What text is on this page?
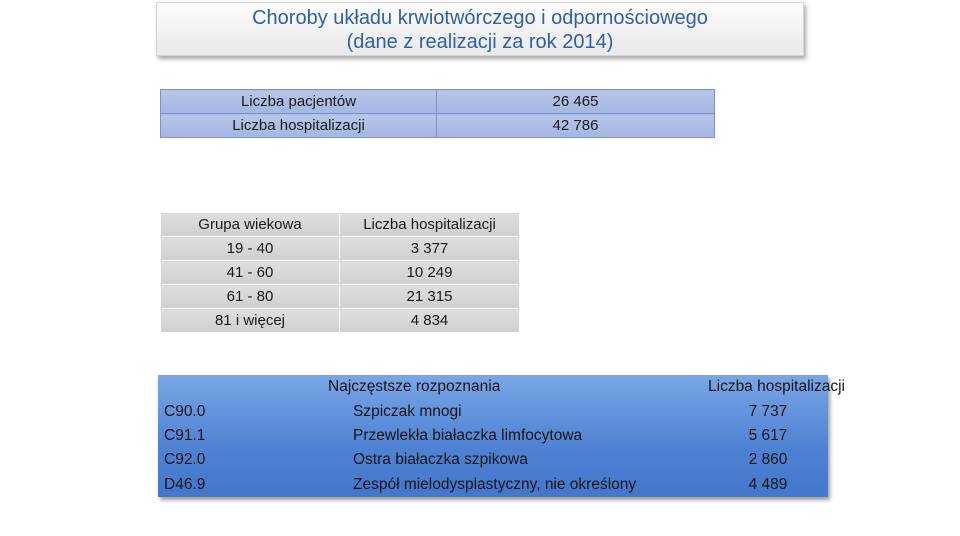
Choroby układu krwiotwórczego i odpornościowego
(dane z realizacji za rok 2014)
Liczba pacjentów	26 465
Liczba hospitalizacji	42 786
Grupa wiekowa	Liczba hospitalizacji
19 - 40	3 377
41 - 60	10 249
61 - 80	21 315
81 i więcej	4 834
Najczęstsze rozpoznania		Liczba hospitalizacji
C90.0	Szpiczak mnogi	7 737
C91.1	Przewlekła białaczka limfocytowa	5 617
C92.0	Ostra białaczka szpikowa	2 860
D46.9	Zespół mielodysplastyczny, nie określony	4 489
